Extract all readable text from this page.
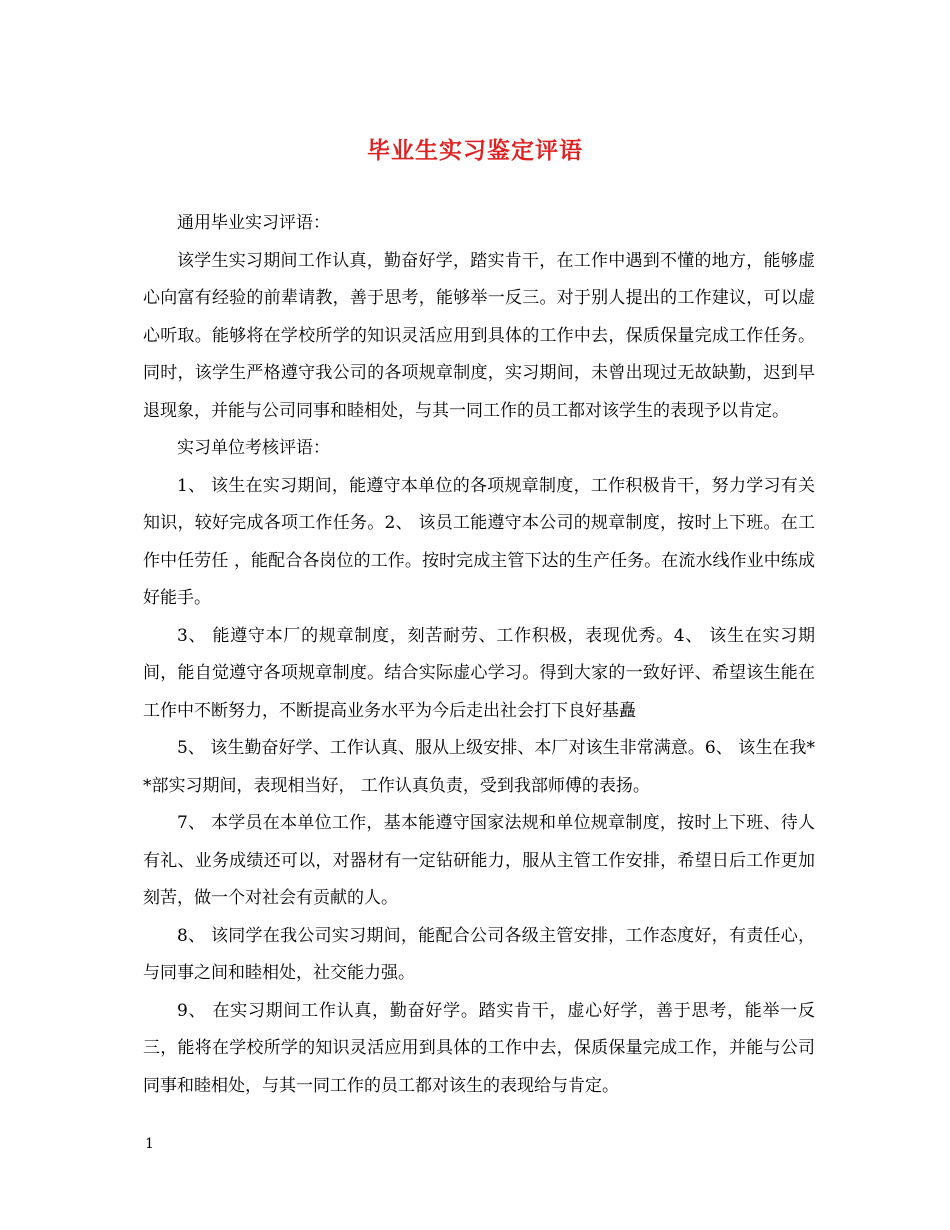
毕业生实习鉴定评语

通用毕业实习评语：

该学生实习期间工作认真，勤奋好学，踏实肯干，在工作中遇到不懂的地方，能够虚心向富有经验的前辈请教，善于思考，能够举一反三。对于别人提出的工作建议，可以虚心听取。能够将在学校所学的知识灵活应用到具体的工作中去，保质保量完成工作任务。同时，该学生严格遵守我公司的各项规章制度，实习期间，未曾出现过无故缺勤，迟到早退现象，并能与公司同事和睦相处，与其一同工作的员工都对该学生的表现予以肯定。

实习单位考核评语：

1、 该生在实习期间，能遵守本单位的各项规章制度，工作积极肯干，努力学习有关知识，较好完成各项工作任务。2、 该员工能遵守本公司的规章制度，按时上下班。在工作中任劳任 ，能配合各岗位的工作。按时完成主管下达的生产任务。在流水线作业中练成好能手。

3、 能遵守本厂的规章制度，刻苦耐劳、工作积极，表现优秀。4、 该生在实习期间，能自觉遵守各项规章制度。结合实际虚心学习。得到大家的一致好评、希望该生能在工作中不断努力，不断提高业务水平为今后走出社会打下良好基矗

5、 该生勤奋好学、工作认真、服从上级安排、本厂对该生非常满意。6、 该生在我**部实习期间，表现相当好， 工作认真负责，受到我部师傅的表扬。

7、 本学员在本单位工作，基本能遵守国家法规和单位规章制度，按时上下班、待人有礼、业务成绩还可以，对器材有一定钻研能力，服从主管工作安排，希望日后工作更加刻苦，做一个对社会有贡献的人。

8、 该同学在我公司实习期间，能配合公司各级主管安排，工作态度好，有责任心，与同事之间和睦相处，社交能力强。

9、 在实习期间工作认真，勤奋好学。踏实肯干，虚心好学，善于思考，能举一反三，能将在学校所学的知识灵活应用到具体的工作中去，保质保量完成工作，并能与公司同事和睦相处，与其一同工作的员工都对该生的表现给与肯定。

1
